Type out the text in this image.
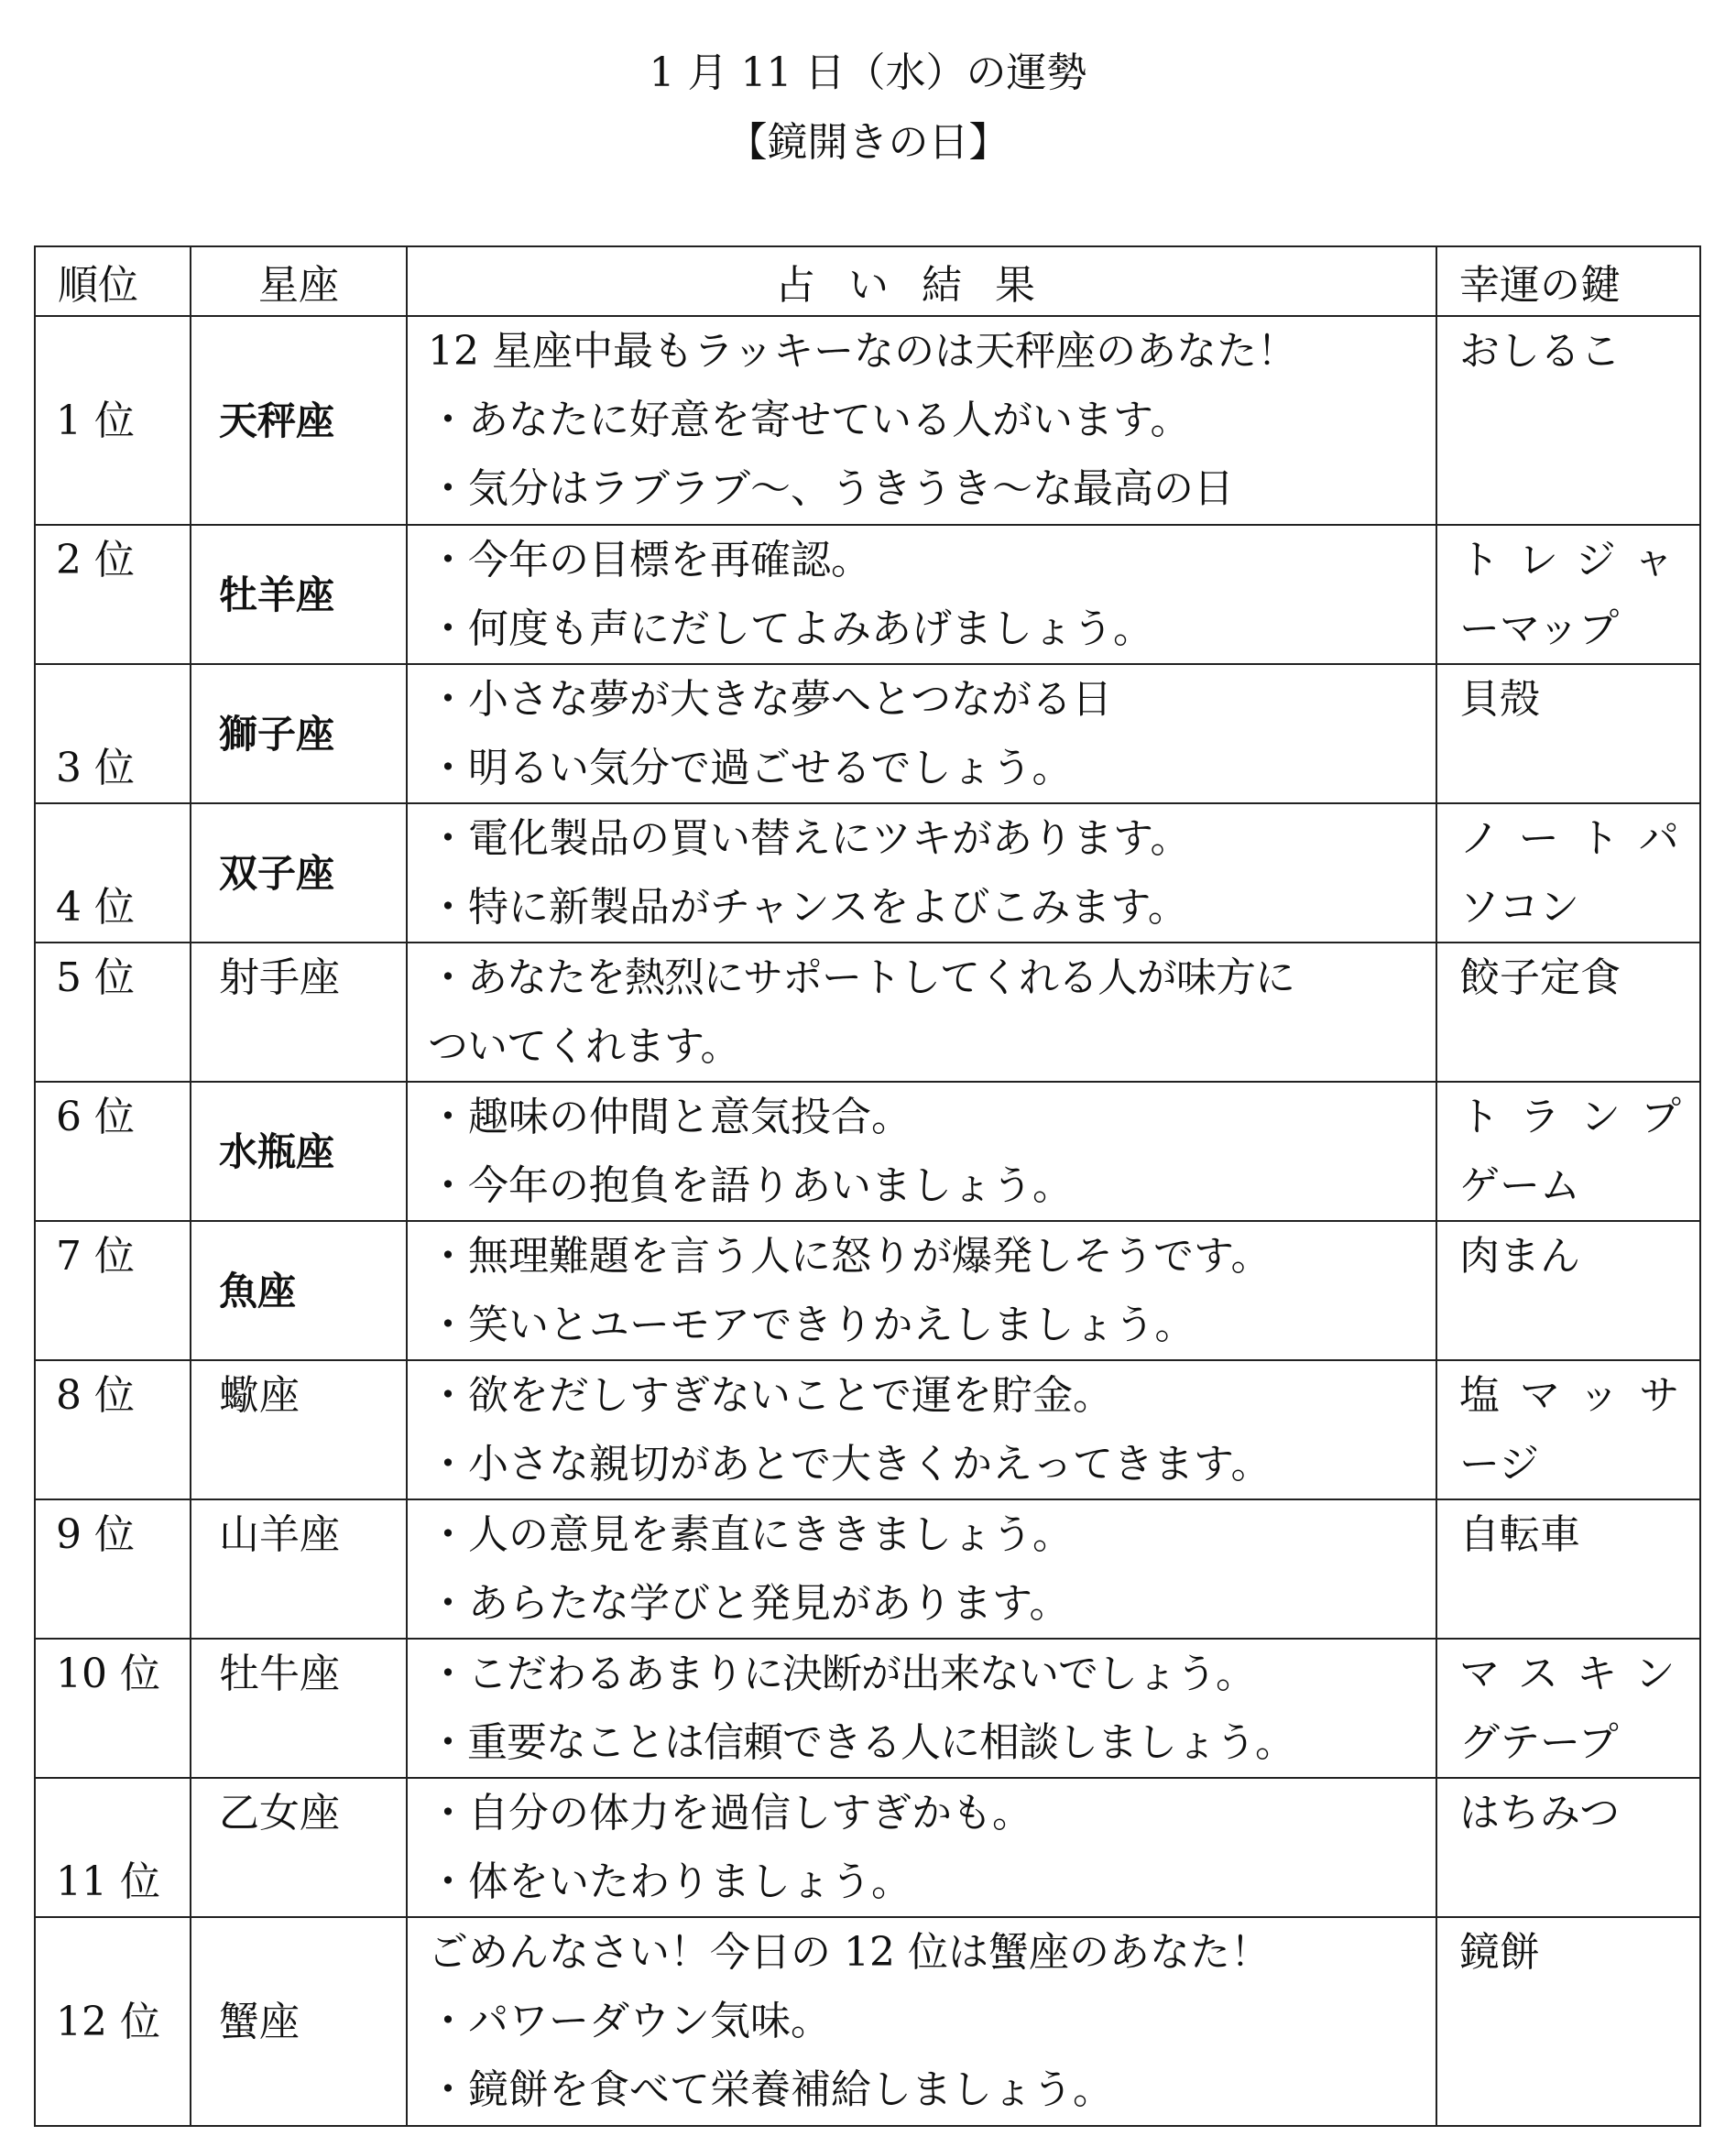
1 月 11 日（水）の運勢
【鏡開きの日】
順位	星座	占い結果	幸運の鍵
1 位	天秤座	12 星座中最もラッキーなのは天秤座のあなた！
・あなたに好意を寄せている人がいます。
・気分はラブラブ～、うきうき～な最高の日	おしるこ

2 位	牡羊座	・今年の目標を再確認。
・何度も声にだしてよみあげましょう。	トレジャ
ーマップ

3 位	獅子座	・小さな夢が大きな夢へとつながる日
・明るい気分で過ごせるでしょう。	貝殻

4 位	双子座	・電化製品の買い替えにツキがあります。
・特に新製品がチャンスをよびこみます。	ノートパ
ソコン

5 位	射手座	・あなたを熱烈にサポートしてくれる人が味方に
ついてくれます。	餃子定食

6 位	水瓶座	・趣味の仲間と意気投合。
・今年の抱負を語りあいましょう。	トランプ
ゲーム

7 位	魚座	・無理難題を言う人に怒りが爆発しそうです。
・笑いとユーモアできりかえしましょう。	肉まん

8 位	蠍座	・欲をだしすぎないことで運を貯金。
・小さな親切があとで大きくかえってきます。	塩マッサ
ージ

9 位	山羊座	・人の意見を素直にききましょう。
・あらたな学びと発見があります。	自転車

10 位	牡牛座	・こだわるあまりに決断が出来ないでしょう。
・重要なことは信頼できる人に相談しましょう。	マスキン
グテープ

11 位	乙女座	・自分の体力を過信しすぎかも。
・体をいたわりましょう。	はちみつ

12 位	蟹座	ごめんなさい！今日の 12 位は蟹座のあなた！
・パワーダウン気味。
・鏡餅を食べて栄養補給しましょう。	鏡餅
